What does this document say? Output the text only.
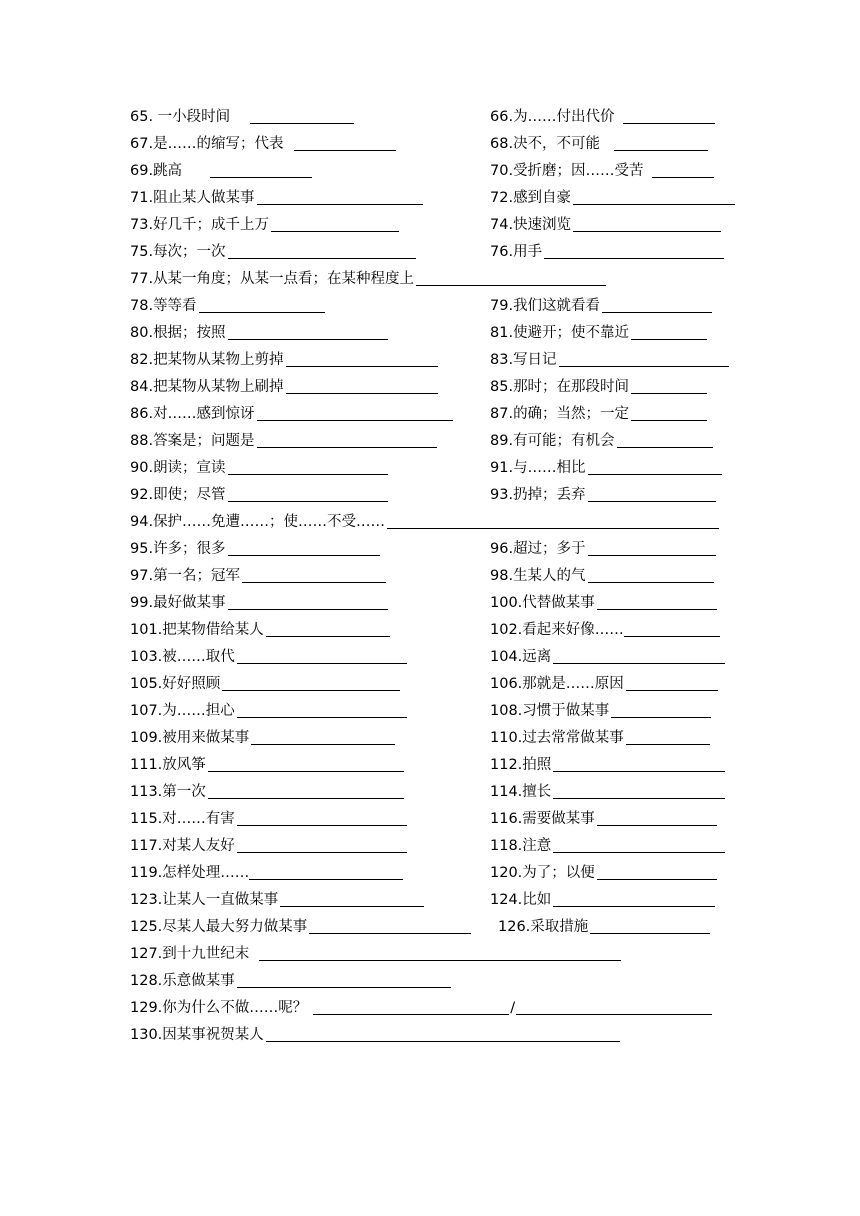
65. 一小段时间	66. 为……付出代价
67. 是……的缩写；代表	68. 决不，不可能
69. 跳高	70. 受折磨；因……受苦
71. 阻止某人做某事	72. 感到自豪
73. 好几千；成千上万	74. 快速浏览
75. 每次；一次	76. 用手
77. 从某一角度；从某一点看；在某种程度上
78. 等等看	79. 我们这就看看
80. 根据；按照	81. 使避开；使不靠近
82. 把某物从某物上剪掉	83. 写日记
84. 把某物从某物上刷掉	85. 那时；在那段时间
86. 对……感到惊讶	87. 的确；当然；一定
88. 答案是；问题是	89. 有可能；有机会
90. 朗读；宣读	91. 与……相比
92. 即使；尽管	93. 扔掉；丢弃
94. 保护……免遭……；使……不受……
95. 许多；很多	96. 超过；多于
97. 第一名；冠军	98. 生某人的气
99. 最好做某事	100. 代替做某事
101. 把某物借给某人	102. 看起来好像……
103. 被……取代	104. 远离
105. 好好照顾	106. 那就是……原因
107. 为……担心	108. 习惯于做某事
109. 被用来做某事	110. 过去常常做某事
111. 放风筝	112. 拍照
113. 第一次	114. 擅长
115. 对……有害	116. 需要做某事
117. 对某人友好	118. 注意
119. 怎样处理……	120. 为了；以便
123. 让某人一直做某事	124. 比如
125. 尽某人最大努力做某事	126. 采取措施
127. 到十九世纪末
128. 乐意做某事
129. 你为什么不做……呢？	/
130. 因某事祝贺某人
